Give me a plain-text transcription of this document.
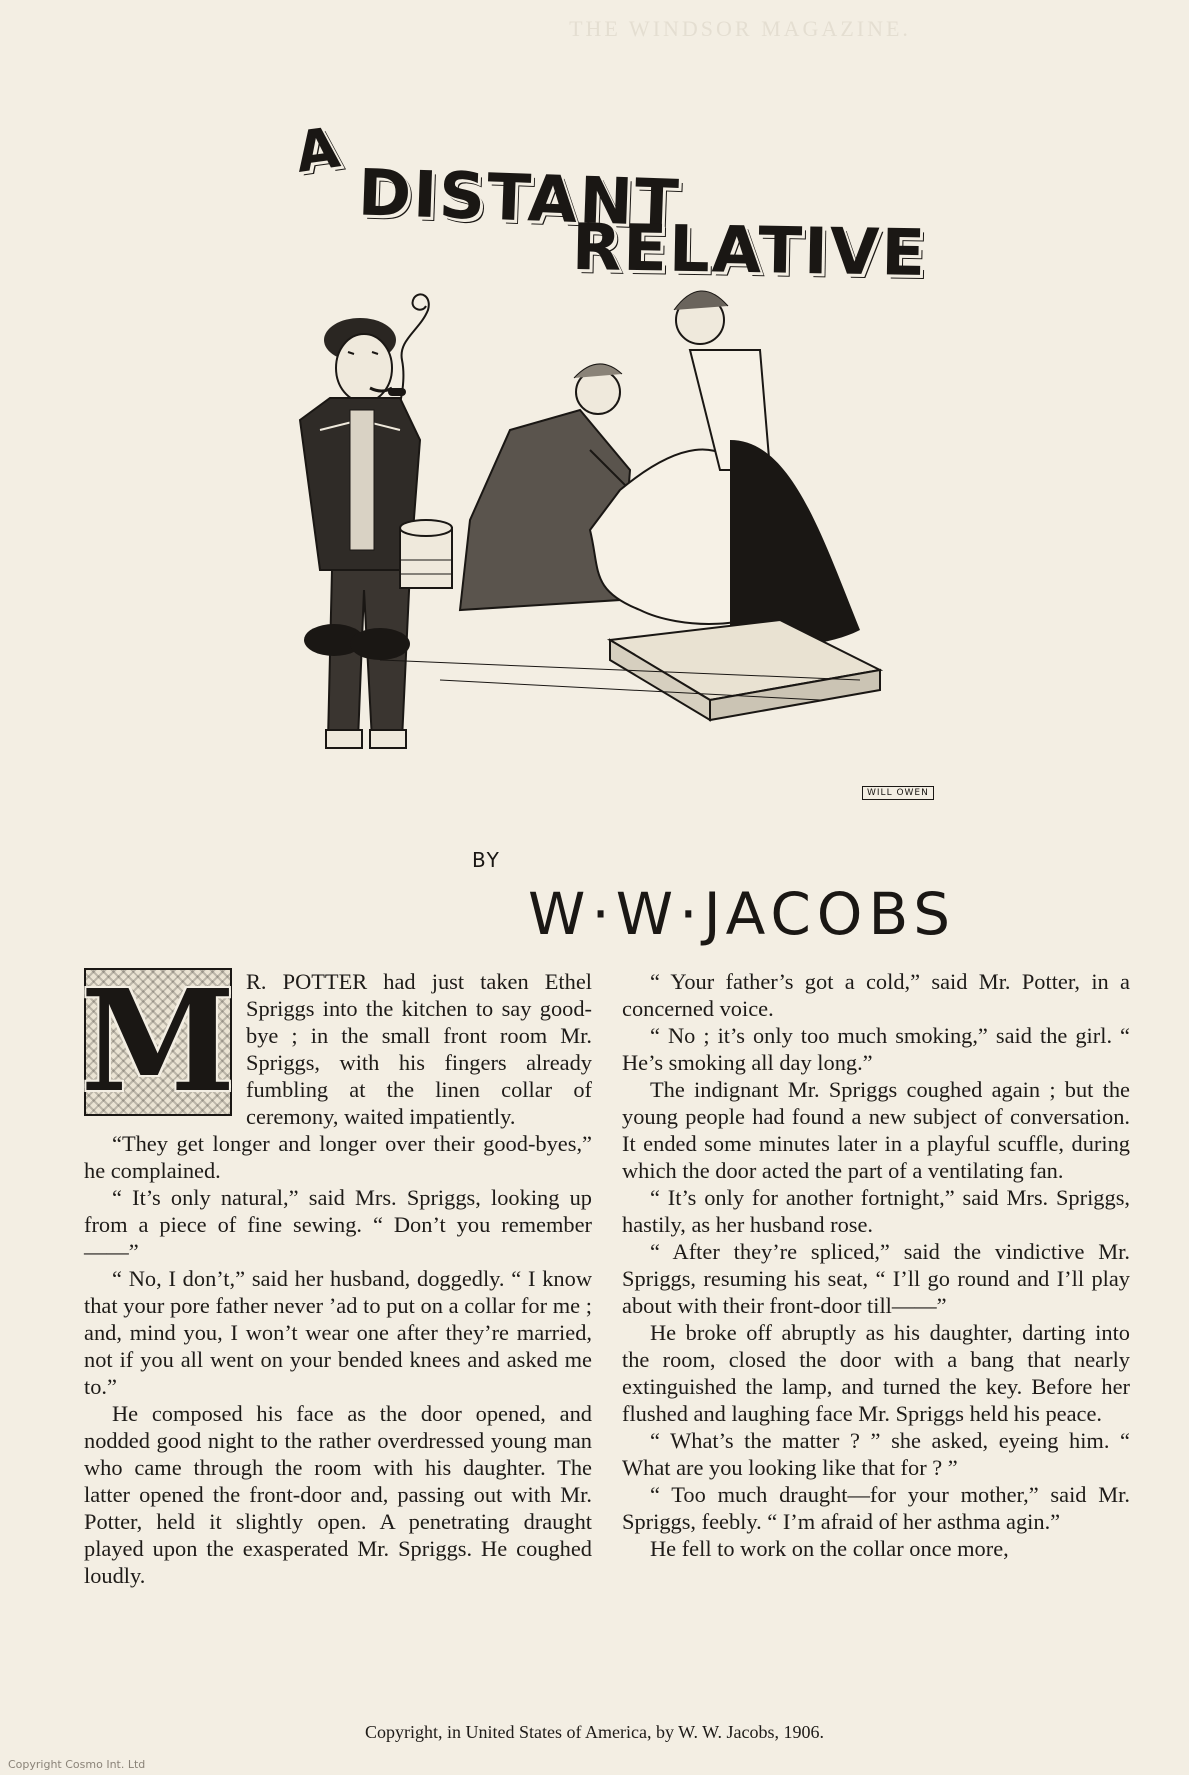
THE WINDSOR MAGAZINE.
A
DISTANT
RELATIVE
WILL OWEN
BY
W·W·JACOBS

M R. POTTER had just taken Ethel Spriggs into the kitchen to say good-bye ; in the small front room Mr. Spriggs, with his fingers already fumbling at the linen collar of ceremony, waited impatiently.

“They get longer and longer over their good-byes,” he complained.

“ It’s only natural,” said Mrs. Spriggs, looking up from a piece of fine sewing. “ Don’t you remember——”

“ No, I don’t,” said her husband, doggedly. “ I know that your pore father never ’ad to put on a collar for me ; and, mind you, I won’t wear one after they’re married, not if you all went on your bended knees and asked me to.”

He composed his face as the door opened, and nodded good night to the rather overdressed young man who came through the room with his daughter. The latter opened the front-door and, passing out with Mr. Potter, held it slightly open. A penetrating draught played upon the exasperated Mr. Spriggs. He coughed loudly.

“ Your father’s got a cold,” said Mr. Potter, in a concerned voice.

“ No ; it’s only too much smoking,” said the girl. “ He’s smoking all day long.”

The indignant Mr. Spriggs coughed again ; but the young people had found a new subject of conversation. It ended some minutes later in a playful scuffle, during which the door acted the part of a ventilating fan.

“ It’s only for another fortnight,” said Mrs. Spriggs, hastily, as her husband rose.

“ After they’re spliced,” said the vindictive Mr. Spriggs, resuming his seat, “ I’ll go round and I’ll play about with their front-door till——”

He broke off abruptly as his daughter, darting into the room, closed the door with a bang that nearly extinguished the lamp, and turned the key. Before her flushed and laughing face Mr. Spriggs held his peace.

“ What’s the matter ? ” she asked, eyeing him. “ What are you looking like that for ? ”

“ Too much draught—for your mother,” said Mr. Spriggs, feebly. “ I’m afraid of her asthma agin.”

He fell to work on the collar once more,

Copyright, in United States of America, by W. W. Jacobs, 1906.
Copyright Cosmo Int. Ltd
